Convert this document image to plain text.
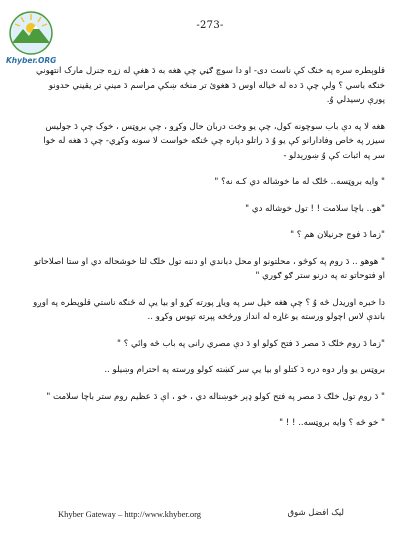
-273-
Khyber.ORG

قلوېطره سره په خنګ کې ناست دی- او دا سوچ ګڼي چې هغه به دَ هغې له زړه جنرل مارک انتهوني خنګه باسي ؟ ولې چې دَ ده له خياله اوس دَ هغوئ تر منځه ښکې مراسم دَ مينې تر يقيني حدونو پورې رسيدلي وُ.

هغه لا په دې باب سوچونه کول، چې يو وخت دربان حال وکړو ، چې بروټس ، خوک چې دَ جوليس سيزر په خاص وفادارانو کې يو وُ دَ راتلو دپاره چې ځنګه خواست لا سونه وکړي- چې دَ هغه له خوا سر په اثبات کې وُ ښورېدلو -

" وايه بروټسه.. ځلګ له ما خوشاله دي کـه نه؟ "

"هو.. باچا سلامت ! ! تول خوشاله دي "

"زما دَ فوج جرنيلان هم ؟ "

" هوهو .. دَ روم په کوڅو ، محلتونو او محل دباندي او دننه تول خلګ لتا خوشحاله دي او ستا اصلاحاتو او فتوحاتو ته په درنو ستر ګو ګوري "

دا خبره اوريدل څه وُ ؟ چې هغه خپل سر په وياړ پورته کړو او بيا يې له ځنګه ناستي قلوپطره په اوږو باندې لاس اچولو ورسته يو غاړه له انداز ورځخه پېرته تپوس وکړو ..

"زما دَ روم خلګ دَ مصر دَ فتح کولو او دَ دې مصري رانی په باب څه وائي ؟ "

بروټس يو وار دوه دره دَ کتلو او بيا يې سر کښته کولو ورسته په احترام وښيلو ..

" دَ روم تول خلګ دَ مصر په فتح کولو ډېر خوښناله دي ، خو ، اې دَ عظيم روم ستر باچا سلامت "

" خو څه ؟ وايه بروټسه.. ! ! "

Khyber Gateway – http://www.khyber.org	ليک افضل شوق
